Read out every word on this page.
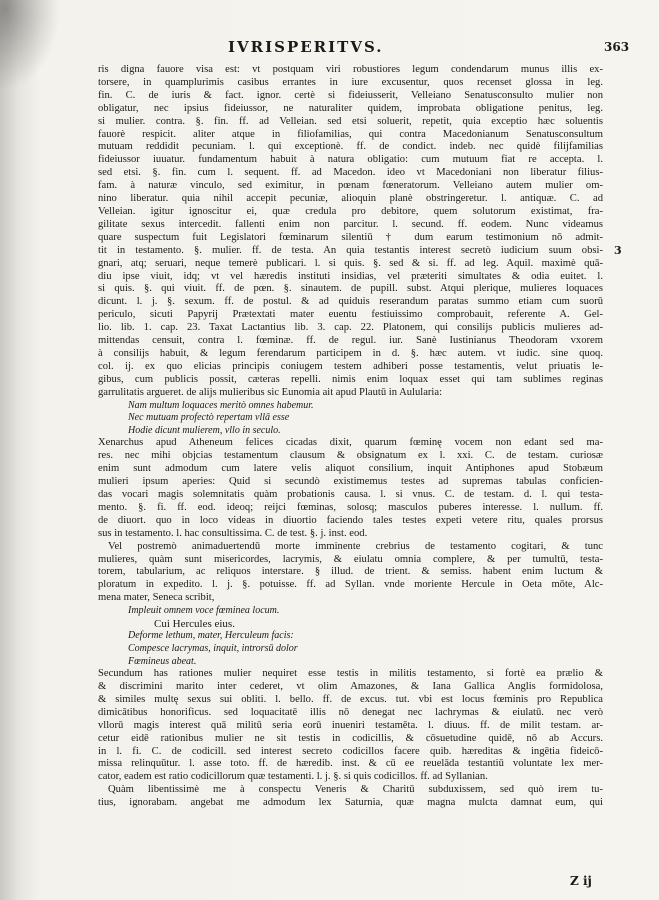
IVRISPERITVS.	363
3

ris digna fauore visa est: vt postquam viri robustiores legum condendarum munus illis ex-
torsere, in quamplurimis casibus errantes in iure excusentur, quos recenset glossa in leg.
fin. C. de iuris & fact. ignor. certè si fideiusserit, Velleiano Senatusconsulto mulier non
obligatur, nec ipsius fideiussor, ne naturaliter quidem, improbata obligatione penitus, leg.
si mulier. contra. §. fin. ff. ad Velleian. sed etsi soluerit, repetit, quia exceptio hæc soluentis
fauorè respicit. aliter atque in filiofamilias, qui contra Macedonianum Senatusconsultum
mutuam reddidit pecuniam. l. qui exceptionè. ff. de condict. indeb. nec quidè filijfamilias
fideiussor iuuatur. fundamentum habuit à natura obligatio: cum mutuum fiat re accepta. l.
sed etsi. §. fin. cum l. sequent. ff. ad Macedon. ideo vt Macedoniani non liberatur filius-
fam. à naturæ vinculo, sed eximitur, in pœnam fœneratorum. Velleiano autem mulier om-
nino liberatur. quia nihil accepit pecuniæ, alioquin planè obstringeretur. l. antiquæ. C. ad
Velleian. igitur ignoscitur ei, quæ credula pro debitore, quem solutorum existimat, fra-
gilitate sexus intercedit. fallenti enim non parcitur. l. secund. ff. eodem. Nunc videamus
quare suspectum fuit Legislatori fœminarum silentiū † dum earum testimonium nō admit-
tit in testamento. §. mulier. ff. de testa. An quia testantis interest secretò iudicium suum obsi-
gnari, atq; seruari, neque temerè publicari. l. si quis. §. sed & si. ff. ad leg. Aquil. maximè quā-
diu ipse viuit, idq; vt vel hæredis instituti insidias, vel præteriti simultates & odia euitet. l.
si quis. §. qui viuit. ff. de pœn. §. sinautem. de pupill. subst. Atqui plerique, mulieres loquaces
dicunt. l. j. §. sexum. ff. de postul. & ad quiduis reserandum paratas summo etiam cum suorū
periculo, sicuti Papyrij Prætextati mater euentu festiuissimo comprobauit, referente A. Gel-
lio. lib. 1. cap. 23. Taxat Lactantius lib. 3. cap. 22. Platonem, qui consilijs publicis mulieres ad-
mittendas censuit, contra l. fœminæ. ff. de regul. iur. Sanè Iustinianus Theodoram vxorem
à consilijs habuit, & legum ferendarum participem in d. §. hæc autem. vt iudic. sine quoq.
col. ij. ex quo elicias principis coniugem testem adhiberi posse testamentis, velut priuatis le-
gibus, cum publicis possit, cæteras repelli. nimis enim loquax esset qui tam sublimes reginas
garrulitatis argueret. de alijs mulieribus sic Eunomia ait apud Plautū in Aulularia:

Nam multum loquaces meritò omnes habemur.
Nec mutuam profectò repertam vllā esse
Hodie dicunt mulierem, vllo in seculo.

Xenarchus apud Atheneum felices cicadas dixit, quarum fœminę vocem non edant sed ma-
res. nec mihi objcias testamentum clausum & obsignatum ex l. xxi. C. de testam. curiosæ
enim sunt admodum cum latere velis aliquot consilium, inquit Antiphones apud Stobæum
mulieri ipsum aperies: Quid si secundò existimemus testes ad supremas tabulas conficien-
das vocari magis solemnitatis quàm probationis causa. l. si vnus. C. de testam. d. l. qui testa-
mento. §. fi. ff. eod. ideoq; reijci fœminas, solosq; masculos puberes interesse. l. nullum. ff.
de diuort. quo in loco videas in diuortio faciendo tales testes expeti vetere ritu, quales prorsus
sus in testamento. l. hac consultissima. C. de test. §. j. inst. eod.

Vel postremò animaduertendū morte imminente crebrius de testamento cogitari, & tunc
mulieres, quàm sunt misericordes, lacrymis, & eiulatu omnia complere, & per tumultū, testa-
torem, tabularium, ac reliquos interstare. § illud. de trient. & semiss. habent enim luctum &
ploratum in expedito. l. j. §. potuisse. ff. ad Syllan. vnde moriente Hercule in Oeta mōte, Alc-
mena mater, Seneca scribit,

Impleuit omnem voce fœminea locum.
Cui Hercules eius.
Deforme lethum, mater, Herculeum facis:
Compesce lacrymas, inquit, introrsū dolor
Fœmineus abeat.

Secundum has rationes mulier nequiret esse testis in militis testamento, si fortè ea prælio &
& discrimini marito inter cederet, vt olim Amazones, & Iana Gallica Anglis formidolosa,
& similes multę sexus sui obliti. l. bello. ff. de excus. tut. vbi est locus fœminis pro Republica
dimicātibus honorificus. sed loquacitatē illis nō denegat nec lachrymas & eiulatū. nec verò
vllorū magis interest quā militū seria eorū inueniri testamēta. l. diuus. ff. de milit testam. ar-
cetur eidē rationibus mulier ne sit testis in codicillis, & cōsuetudine quidē, nō ab Accurs.
in l. fi. C. de codicill. sed interest secreto codicillos facere quib. hæreditas & ingētia fideicō-
missa relinquūtur. l. asse toto. ff. de hæredib. inst. & cū ee reuelāda testantiū voluntate lex mer-
cator, eadem est ratio codicillorum quæ testamenti. l. j. §. si quis codicillos. ff. ad Syllanian.

Quàm libentissimè me à conspectu Veneris & Charitū subduxissem, sed quò irem tu-
tius, ignorabam. angebat me admodum lex Saturnia, quæ magna mulcta damnat eum, qui

Z ij
